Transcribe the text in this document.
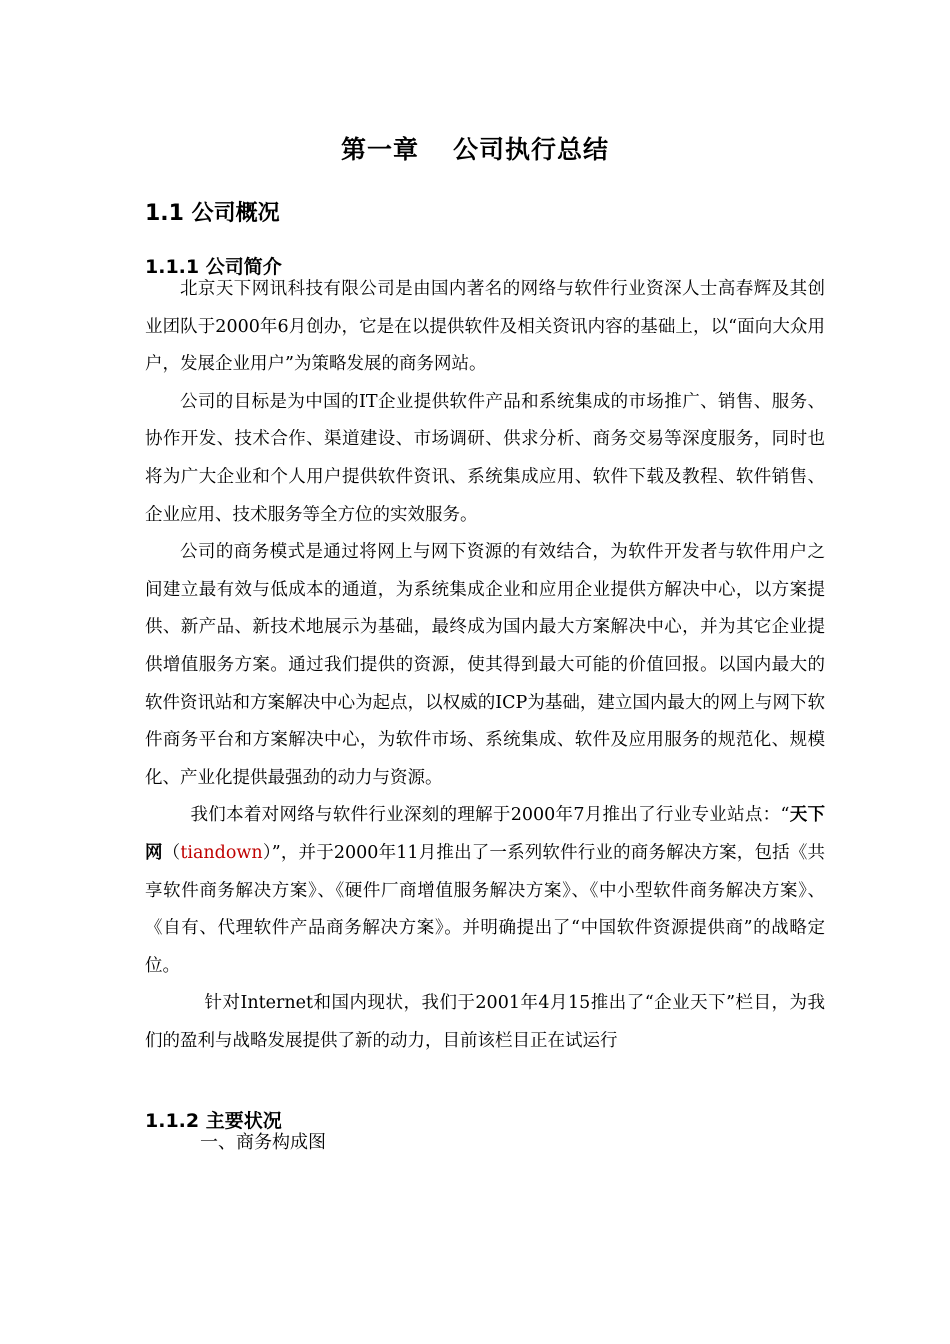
第一章 公司执行总结
1.1 公司概况
1.1.1 公司简介

北京天下网讯科技有限公司是由国内著名的网络与软件行业资深人士高春辉及其创业团队于2000年6月创办，它是在以提供软件及相关资讯内容的基础上，以“面向大众用户，发展企业用户”为策略发展的商务网站。

公司的目标是为中国的IT企业提供软件产品和系统集成的市场推广、销售、服务、协作开发、技术合作、渠道建设、市场调研、供求分析、商务交易等深度服务，同时也将为广大企业和个人用户提供软件资讯、系统集成应用、软件下载及教程、软件销售、企业应用、技术服务等全方位的实效服务。

公司的商务模式是通过将网上与网下资源的有效结合，为软件开发者与软件用户之间建立最有效与低成本的通道，为系统集成企业和应用企业提供方解决中心，以方案提供、新产品、新技术地展示为基础，最终成为国内最大方案解决中心，并为其它企业提供增值服务方案。通过我们提供的资源，使其得到最大可能的价值回报。以国内最大的软件资讯站和方案解决中心为起点，以权威的ICP为基础，建立国内最大的网上与网下软件商务平台和方案解决中心，为软件市场、系统集成、软件及应用服务的规范化、规模化、产业化提供最强劲的动力与资源。

我们本着对网络与软件行业深刻的理解于2000年7月推出了行业专业站点：“天下网（tiandown）”，并于2000年11月推出了一系列软件行业的商务解决方案，包括《共享软件商务解决方案》、《硬件厂商增值服务解决方案》、《中小型软件商务解决方案》、《自有、代理软件产品商务解决方案》。并明确提出了“中国软件资源提供商”的战略定位。

针对Internet和国内现状，我们于2001年4月15推出了“企业天下”栏目，为我们的盈利与战略发展提供了新的动力，目前该栏目正在试运行

1.1.2 主要状况
一、商务构成图
